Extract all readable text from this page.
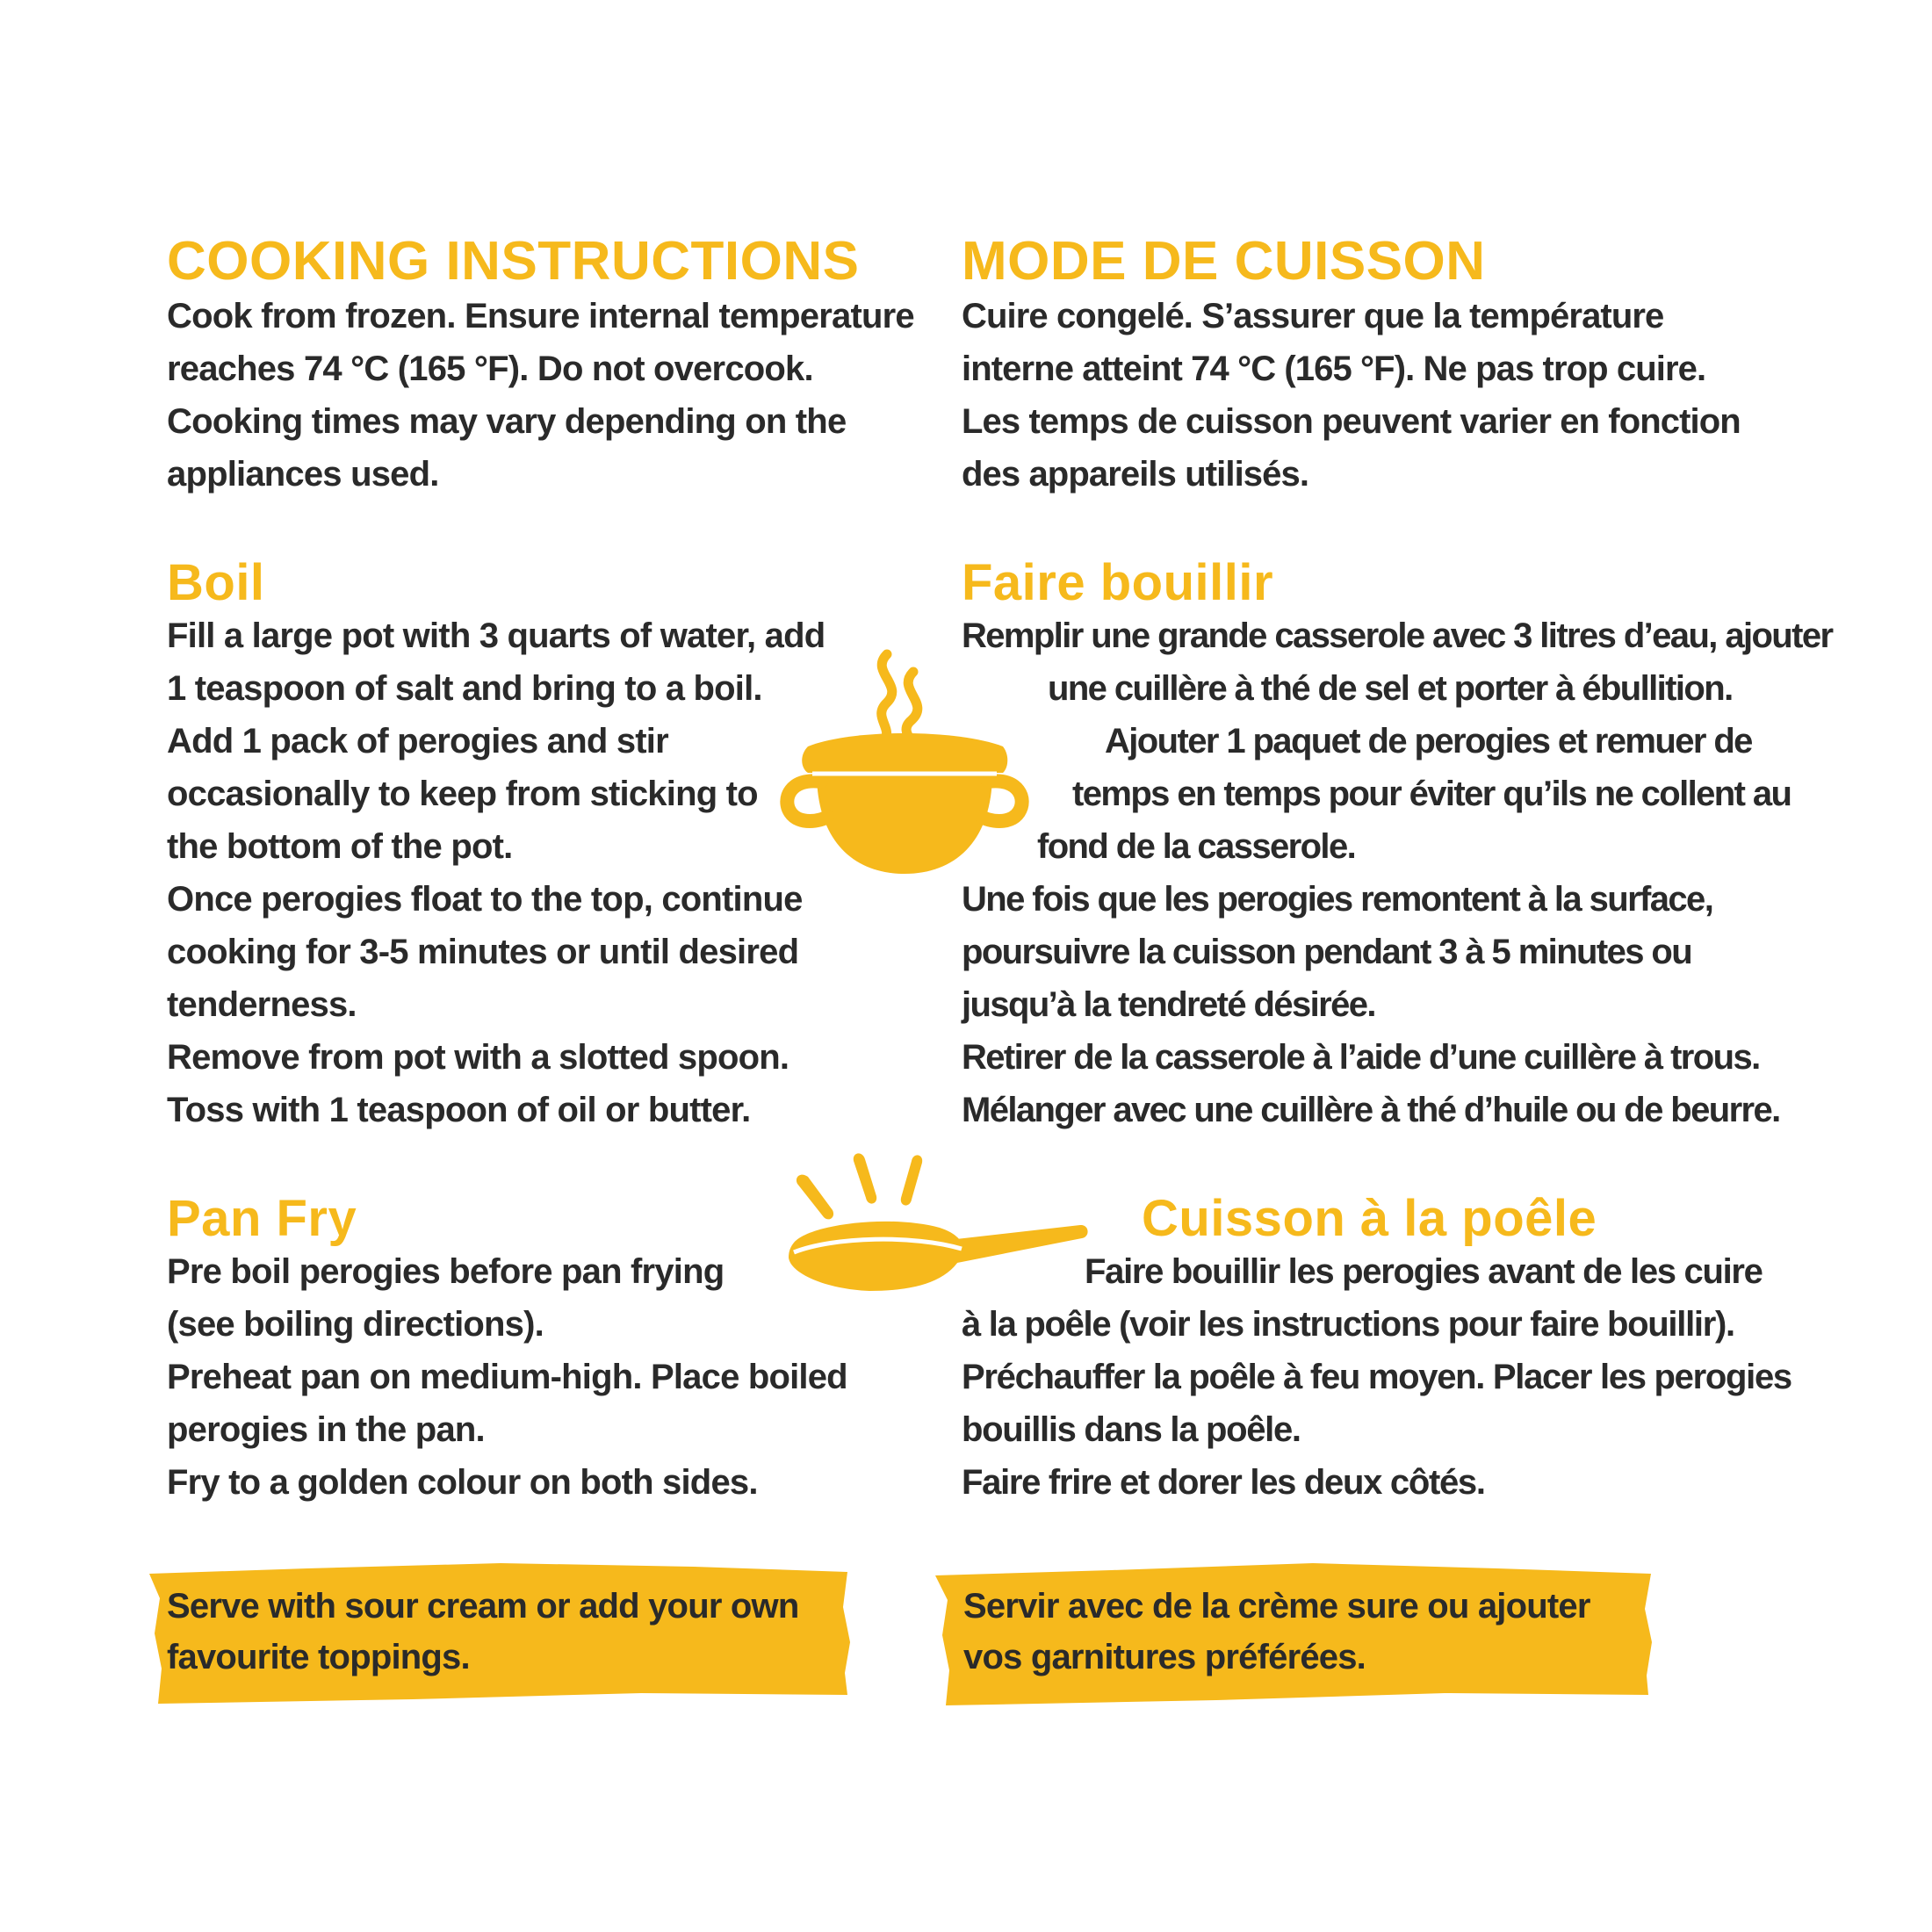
COOKING INSTRUCTIONS
Cook from frozen. Ensure internal temperature
reaches 74 °C (165 °F). Do not overcook.
Cooking times may vary depending on the
appliances used.
Boil
Fill a large pot with 3 quarts of water, add
1 teaspoon of salt and bring to a boil.
Add 1 pack of perogies and stir
occasionally to keep from sticking to
the bottom of the pot.
Once perogies float to the top, continue
cooking for 3-5 minutes or until desired
tenderness.
Remove from pot with a slotted spoon.
Toss with 1 teaspoon of oil or butter.
Pan Fry
Pre boil perogies before pan frying
(see boiling directions).
Preheat pan on medium-high. Place boiled
perogies in the pan.
Fry to a golden colour on both sides.
MODE DE CUISSON
Cuire congelé. S’assurer que la température
interne atteint 74 °C (165 °F). Ne pas trop cuire.
Les temps de cuisson peuvent varier en fonction
des appareils utilisés.
Faire bouillir
Remplir une grande casserole avec 3 litres d’eau, ajouter
une cuillère à thé de sel et porter à ébullition.
Ajouter 1 paquet de perogies et remuer de
temps en temps pour éviter qu’ils ne collent au
fond de la casserole.
Une fois que les perogies remontent à la surface,
poursuivre la cuisson pendant 3 à 5 minutes ou
jusqu’à la tendreté désirée.
Retirer de la casserole à l’aide d’une cuillère à trous.
Mélanger avec une cuillère à thé d’huile ou de beurre.
Cuisson à la poêle
Faire bouillir les perogies avant de les cuire
à la poêle (voir les instructions pour faire bouillir).
Préchauffer la poêle à feu moyen. Placer les perogies
bouillis dans la poêle.
Faire frire et dorer les deux côtés.
Serve with sour cream or add your own
favourite toppings.
Servir avec de la crème sure ou ajouter
vos garnitures préférées.
